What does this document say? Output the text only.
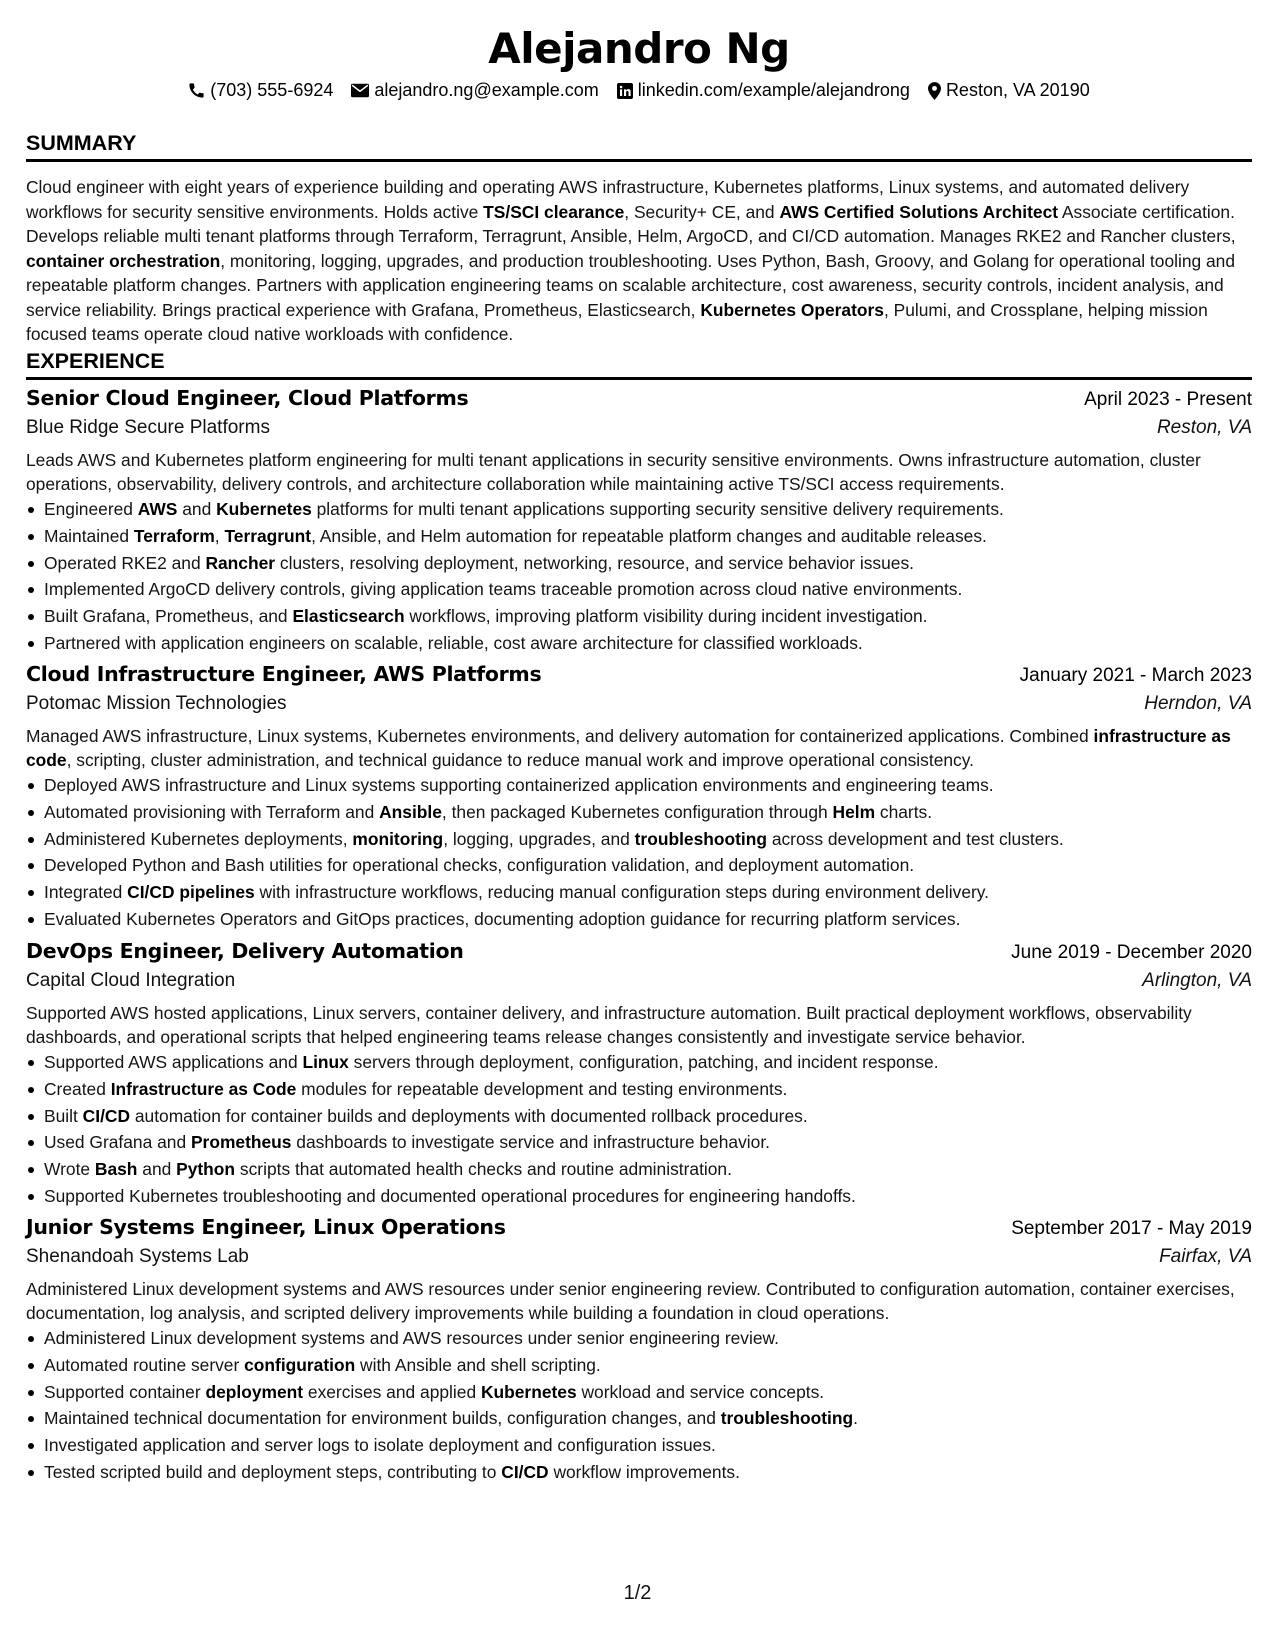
Alejandro Ng
(703) 555-6924 alejandro.ng@example.com linkedin.com/example/alejandrong Reston, VA 20190
SUMMARY

Cloud engineer with eight years of experience building and operating AWS infrastructure, Kubernetes platforms, Linux systems, and automated delivery workflows for security sensitive environments. Holds active TS/SCI clearance, Security+ CE, and AWS Certified Solutions Architect Associate certification. Develops reliable multi tenant platforms through Terraform, Terragrunt, Ansible, Helm, ArgoCD, and CI/CD automation. Manages RKE2 and Rancher clusters, container orchestration, monitoring, logging, upgrades, and production troubleshooting. Uses Python, Bash, Groovy, and Golang for operational tooling and repeatable platform changes. Partners with application engineering teams on scalable architecture, cost awareness, security controls, incident analysis, and service reliability. Brings practical experience with Grafana, Prometheus, Elasticsearch, Kubernetes Operators, Pulumi, and Crossplane, helping mission focused teams operate cloud native workloads with confidence.

EXPERIENCE
Senior Cloud Engineer, Cloud Platforms	April 2023 - Present
Blue Ridge Secure Platforms	Reston, VA

Leads AWS and Kubernetes platform engineering for multi tenant applications in security sensitive environments. Owns infrastructure automation, cluster operations, observability, delivery controls, and architecture collaboration while maintaining active TS/SCI access requirements.

Engineered AWS and Kubernetes platforms for multi tenant applications supporting security sensitive delivery requirements.
Maintained Terraform, Terragrunt, Ansible, and Helm automation for repeatable platform changes and auditable releases.
Operated RKE2 and Rancher clusters, resolving deployment, networking, resource, and service behavior issues.
Implemented ArgoCD delivery controls, giving application teams traceable promotion across cloud native environments.
Built Grafana, Prometheus, and Elasticsearch workflows, improving platform visibility during incident investigation.
Partnered with application engineers on scalable, reliable, cost aware architecture for classified workloads.
Cloud Infrastructure Engineer, AWS Platforms	January 2021 - March 2023
Potomac Mission Technologies	Herndon, VA

Managed AWS infrastructure, Linux systems, Kubernetes environments, and delivery automation for containerized applications. Combined infrastructure as code, scripting, cluster administration, and technical guidance to reduce manual work and improve operational consistency.

Deployed AWS infrastructure and Linux systems supporting containerized application environments and engineering teams.
Automated provisioning with Terraform and Ansible, then packaged Kubernetes configuration through Helm charts.
Administered Kubernetes deployments, monitoring, logging, upgrades, and troubleshooting across development and test clusters.
Developed Python and Bash utilities for operational checks, configuration validation, and deployment automation.
Integrated CI/CD pipelines with infrastructure workflows, reducing manual configuration steps during environment delivery.
Evaluated Kubernetes Operators and GitOps practices, documenting adoption guidance for recurring platform services.
DevOps Engineer, Delivery Automation	June 2019 - December 2020
Capital Cloud Integration	Arlington, VA

Supported AWS hosted applications, Linux servers, container delivery, and infrastructure automation. Built practical deployment workflows, observability dashboards, and operational scripts that helped engineering teams release changes consistently and investigate service behavior.

Supported AWS applications and Linux servers through deployment, configuration, patching, and incident response.
Created Infrastructure as Code modules for repeatable development and testing environments.
Built CI/CD automation for container builds and deployments with documented rollback procedures.
Used Grafana and Prometheus dashboards to investigate service and infrastructure behavior.
Wrote Bash and Python scripts that automated health checks and routine administration.
Supported Kubernetes troubleshooting and documented operational procedures for engineering handoffs.
Junior Systems Engineer, Linux Operations	September 2017 - May 2019
Shenandoah Systems Lab	Fairfax, VA

Administered Linux development systems and AWS resources under senior engineering review. Contributed to configuration automation, container exercises, documentation, log analysis, and scripted delivery improvements while building a foundation in cloud operations.

Administered Linux development systems and AWS resources under senior engineering review.
Automated routine server configuration with Ansible and shell scripting.
Supported container deployment exercises and applied Kubernetes workload and service concepts.
Maintained technical documentation for environment builds, configuration changes, and troubleshooting.
Investigated application and server logs to isolate deployment and configuration issues.
Tested scripted build and deployment steps, contributing to CI/CD workflow improvements.
1/2
